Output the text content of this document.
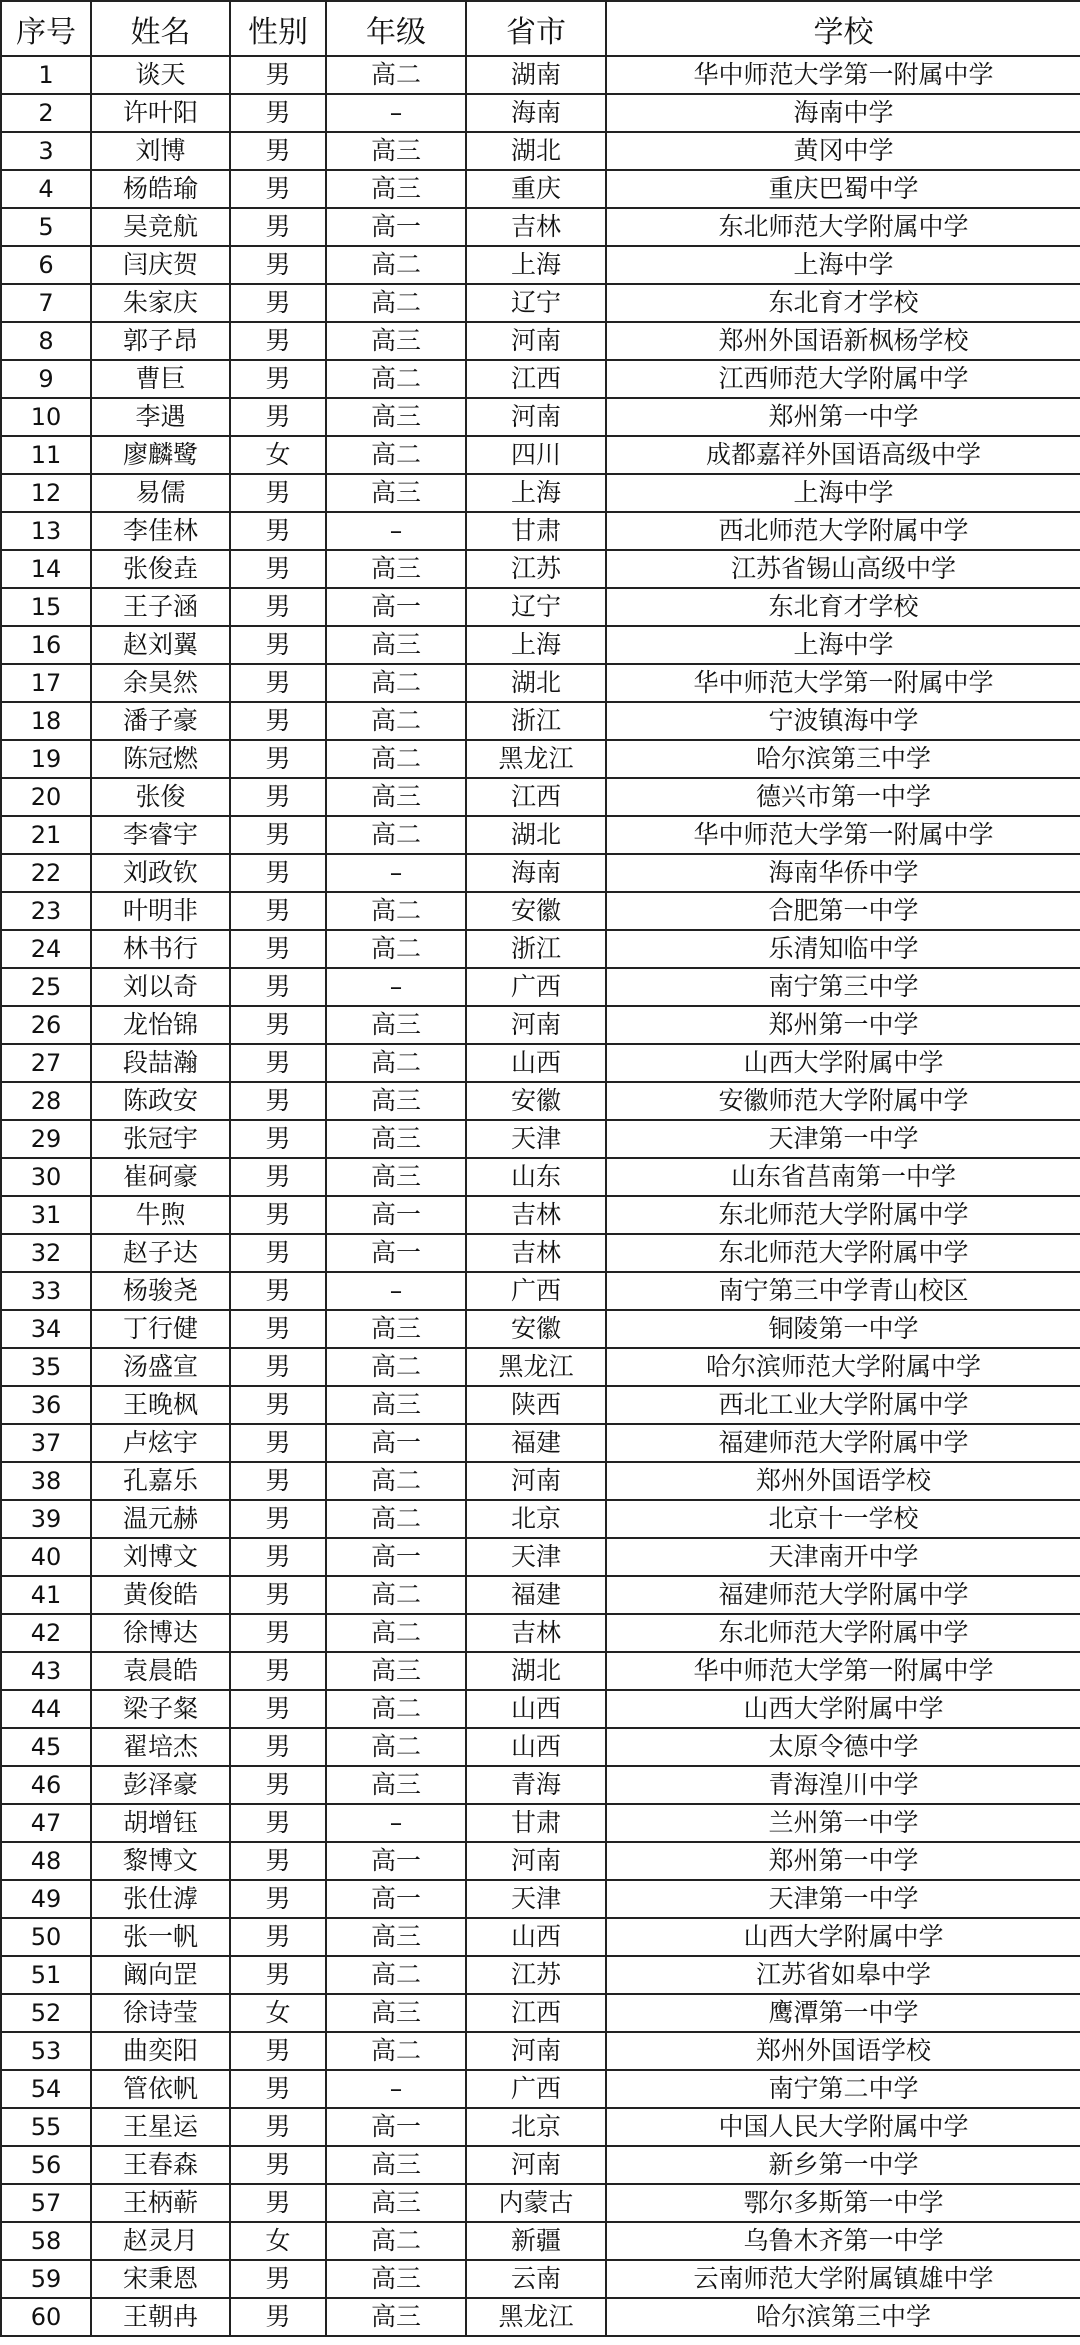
序号	姓名	性别	年级	省市	学校
1	谈天	男	高二	湖南	华中师范大学第一附属中学
2	许叶阳	男	–	海南	海南中学
3	刘博	男	高三	湖北	黄冈中学
4	杨皓瑜	男	高三	重庆	重庆巴蜀中学
5	吴竞航	男	高一	吉林	东北师范大学附属中学
6	闫庆贺	男	高二	上海	上海中学
7	朱家庆	男	高二	辽宁	东北育才学校
8	郭子昂	男	高三	河南	郑州外国语新枫杨学校
9	曹巨	男	高二	江西	江西师范大学附属中学
10	李遇	男	高三	河南	郑州第一中学
11	廖麟鹭	女	高二	四川	成都嘉祥外国语高级中学
12	易儒	男	高三	上海	上海中学
13	李佳林	男	–	甘肃	西北师范大学附属中学
14	张俊垚	男	高三	江苏	江苏省锡山高级中学
15	王子涵	男	高一	辽宁	东北育才学校
16	赵刘翼	男	高三	上海	上海中学
17	余昊然	男	高二	湖北	华中师范大学第一附属中学
18	潘子豪	男	高二	浙江	宁波镇海中学
19	陈冠燃	男	高二	黑龙江	哈尔滨第三中学
20	张俊	男	高三	江西	德兴市第一中学
21	李睿宇	男	高二	湖北	华中师范大学第一附属中学
22	刘政钦	男	–	海南	海南华侨中学
23	叶明非	男	高二	安徽	合肥第一中学
24	林书行	男	高二	浙江	乐清知临中学
25	刘以奇	男	–	广西	南宁第三中学
26	龙怡锦	男	高三	河南	郑州第一中学
27	段喆瀚	男	高二	山西	山西大学附属中学
28	陈政安	男	高三	安徽	安徽师范大学附属中学
29	张冠宇	男	高三	天津	天津第一中学
30	崔砢豪	男	高三	山东	山东省莒南第一中学
31	牛煦	男	高一	吉林	东北师范大学附属中学
32	赵子达	男	高一	吉林	东北师范大学附属中学
33	杨骏尧	男	–	广西	南宁第三中学青山校区
34	丁行健	男	高三	安徽	铜陵第一中学
35	汤盛宣	男	高二	黑龙江	哈尔滨师范大学附属中学
36	王晚枫	男	高三	陕西	西北工业大学附属中学
37	卢炫宇	男	高一	福建	福建师范大学附属中学
38	孔嘉乐	男	高二	河南	郑州外国语学校
39	温元赫	男	高二	北京	北京十一学校
40	刘博文	男	高一	天津	天津南开中学
41	黄俊皓	男	高二	福建	福建师范大学附属中学
42	徐博达	男	高二	吉林	东北师范大学附属中学
43	袁晨皓	男	高三	湖北	华中师范大学第一附属中学
44	梁子粲	男	高二	山西	山西大学附属中学
45	翟培杰	男	高二	山西	太原令德中学
46	彭泽豪	男	高三	青海	青海湟川中学
47	胡增钰	男	–	甘肃	兰州第一中学
48	黎博文	男	高一	河南	郑州第一中学
49	张仕滹	男	高一	天津	天津第一中学
50	张一帆	男	高三	山西	山西大学附属中学
51	阚向罡	男	高二	江苏	江苏省如皋中学
52	徐诗莹	女	高三	江西	鹰潭第一中学
53	曲奕阳	男	高二	河南	郑州外国语学校
54	管依帆	男	–	广西	南宁第二中学
55	王星运	男	高一	北京	中国人民大学附属中学
56	王春森	男	高三	河南	新乡第一中学
57	王柄蕲	男	高三	内蒙古	鄂尔多斯第一中学
58	赵灵月	女	高二	新疆	乌鲁木齐第一中学
59	宋秉恩	男	高三	云南	云南师范大学附属镇雄中学
60	王朝冉	男	高三	黑龙江	哈尔滨第三中学
